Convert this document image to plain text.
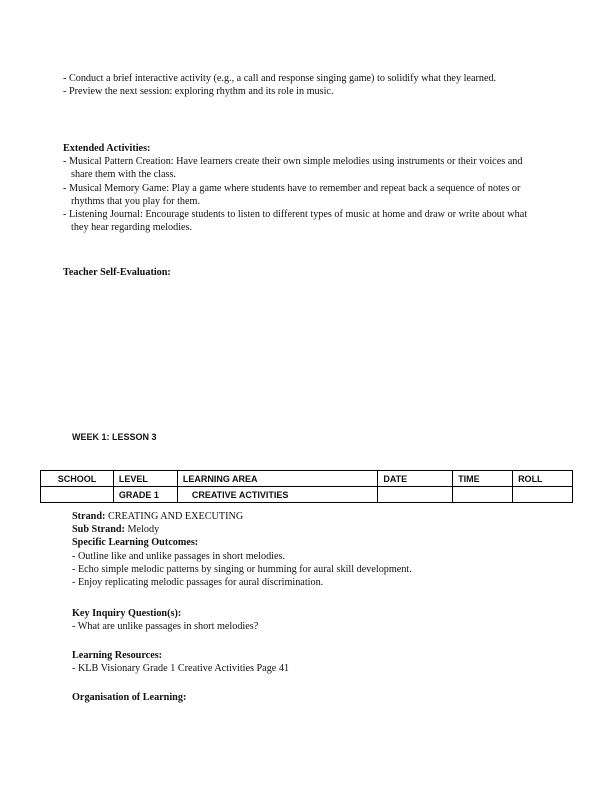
- Conduct a brief interactive activity (e.g., a call and response singing game) to solidify what they learned.
- Preview the next session: exploring rhythm and its role in music.
Extended Activities:
- Musical Pattern Creation: Have learners create their own simple melodies using instruments or their voices and share them with the class.
- Musical Memory Game: Play a game where students have to remember and repeat back a sequence of notes or rhythms that you play for them.
- Listening Journal: Encourage students to listen to different types of music at home and draw or write about what they hear regarding melodies.
Teacher Self-Evaluation:
WEEK 1: LESSON 3
SCHOOL	LEVEL	LEARNING AREA	DATE	TIME	ROLL
	GRADE 1	CREATIVE ACTIVITIES			
Strand: CREATING AND EXECUTING
Sub Strand: Melody
Specific Learning Outcomes:
- Outline like and unlike passages in short melodies.
- Echo simple melodic patterns by singing or humming for aural skill development.
- Enjoy replicating melodic passages for aural discrimination.
Key Inquiry Question(s):
- What are unlike passages in short melodies?
Learning Resources:
- KLB Visionary Grade 1 Creative Activities Page 41
Organisation of Learning:
